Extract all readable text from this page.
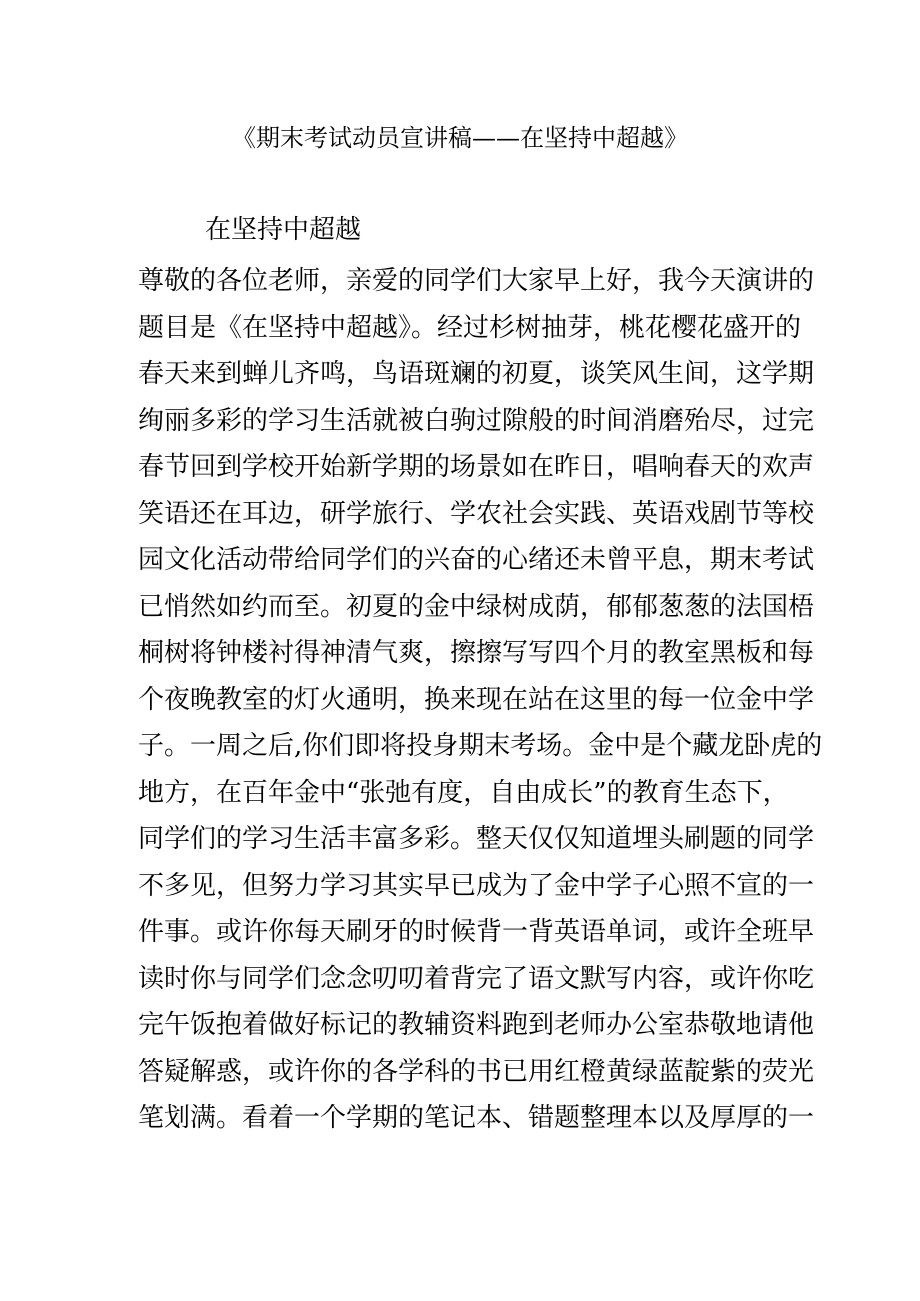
《期末考试动员宣讲稿——在坚持中超越》
在坚持中超越
尊敬的各位老师，亲爱的同学们大家早上好，我今天演讲的
题目是《在坚持中超越》。经过杉树抽芽，桃花樱花盛开的
春天来到蝉儿齐鸣，鸟语斑斓的初夏，谈笑风生间，这学期
绚丽多彩的学习生活就被白驹过隙般的时间消磨殆尽，过完
春节回到学校开始新学期的场景如在昨日，唱响春天的欢声
笑语还在耳边，研学旅行、学农社会实践、英语戏剧节等校
园文化活动带给同学们的兴奋的心绪还未曾平息，期末考试
已悄然如约而至。初夏的金中绿树成荫，郁郁葱葱的法国梧
桐树将钟楼衬得神清气爽，擦擦写写四个月的教室黑板和每
个夜晚教室的灯火通明，换来现在站在这里的每一位金中学
子。一周之后,你们即将投身期末考场。金中是个藏龙卧虎的
地方，在百年金中“张弛有度，自由成长”的教育生态下，
同学们的学习生活丰富多彩。整天仅仅知道埋头刷题的同学
不多见，但努力学习其实早已成为了金中学子心照不宣的一
件事。或许你每天刷牙的时候背一背英语单词，或许全班早
读时你与同学们念念叨叨着背完了语文默写内容，或许你吃
完午饭抱着做好标记的教辅资料跑到老师办公室恭敬地请他
答疑解惑，或许你的各学科的书已用红橙黄绿蓝靛紫的荧光
笔划满。看着一个学期的笔记本、错题整理本以及厚厚的一
